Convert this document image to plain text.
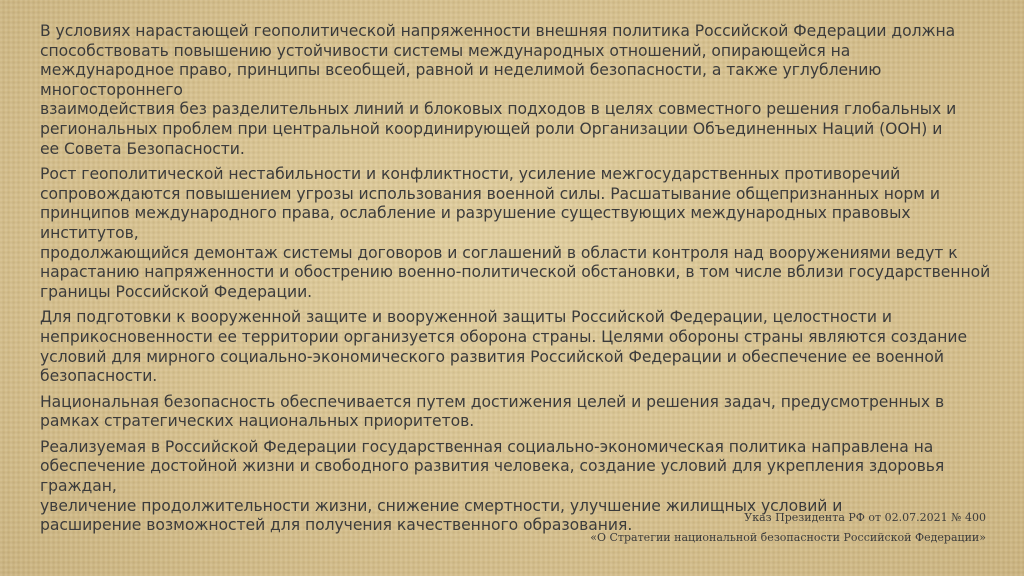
В условиях нарастающей геополитической напряженности внешняя политика Российской Федерации должна
способствовать повышению устойчивости системы международных отношений, опирающейся на
международное право, принципы всеобщей, равной и неделимой безопасности, а также углублению многостороннего
взаимодействия без разделительных линий и блоковых подходов в целях совместного решения глобальных и
региональных проблем при центральной координирующей роли Организации Объединенных Наций (ООН) и
ее Совета Безопасности.

Рост геополитической нестабильности и конфликтности, усиление межгосударственных противоречий
сопровождаются повышением угрозы использования военной силы. Расшатывание общепризнанных норм и
принципов международного права, ослабление и разрушение существующих международных правовых институтов,
продолжающийся демонтаж системы договоров и соглашений в области контроля над вооружениями ведут к
нарастанию напряженности и обострению военно-политической обстановки, в том числе вблизи государственной
границы Российской Федерации.

Для подготовки к вооруженной защите и вооруженной защиты Российской Федерации, целостности и
неприкосновенности ее территории организуется оборона страны. Целями обороны страны являются создание
условий для мирного социально-экономического развития Российской Федерации и обеспечение ее военной
безопасности.

Национальная безопасность обеспечивается путем достижения целей и решения задач, предусмотренных в
рамках стратегических национальных приоритетов.

Реализуемая в Российской Федерации государственная социально-экономическая политика направлена на
обеспечение достойной жизни и свободного развития человека, создание условий для укрепления здоровья граждан,
увеличение продолжительности жизни, снижение смертности, улучшение жилищных условий и
расширение возможностей для получения качественного образования.	Указ Президента РФ от 02.07.2021 № 400
«О Стратегии национальной безопасности Российской Федерации»
